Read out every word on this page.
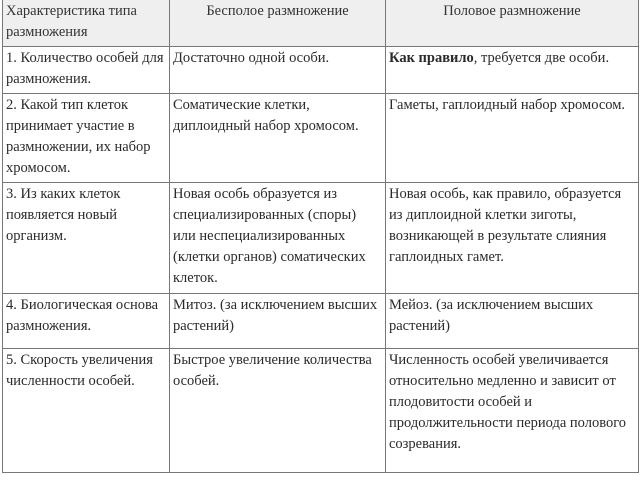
Характеристика типа размножения	Бесполое размножение	Половое размножение
1. Количество особей для размножения.	Достаточно одной особи.	Как правило, требуется две особи.
2. Какой тип клеток принимает участие в размножении, их набор хромосом.	Соматические клетки, диплоидный набор хромосом.	Гаметы, гаплоидный набор хромосом.
3. Из каких клеток появляется новый организм.	Новая особь образуется из специализированных (споры) или неспециализированных (клетки органов) соматических клеток.	Новая особь, как правило, образуется из диплоидной клетки зиготы, возникающей в результате слияния гаплоидных гамет.
4. Биологическая основа размножения.	Митоз. (за исключением высших растений)	Мейоз. (за исключением высших растений)
5. Скорость увеличения численности особей.	Быстрое увеличение количества особей.	Численность особей увеличивается относительно медленно и зависит от плодовитости особей и продолжительности периода полового созревания.
